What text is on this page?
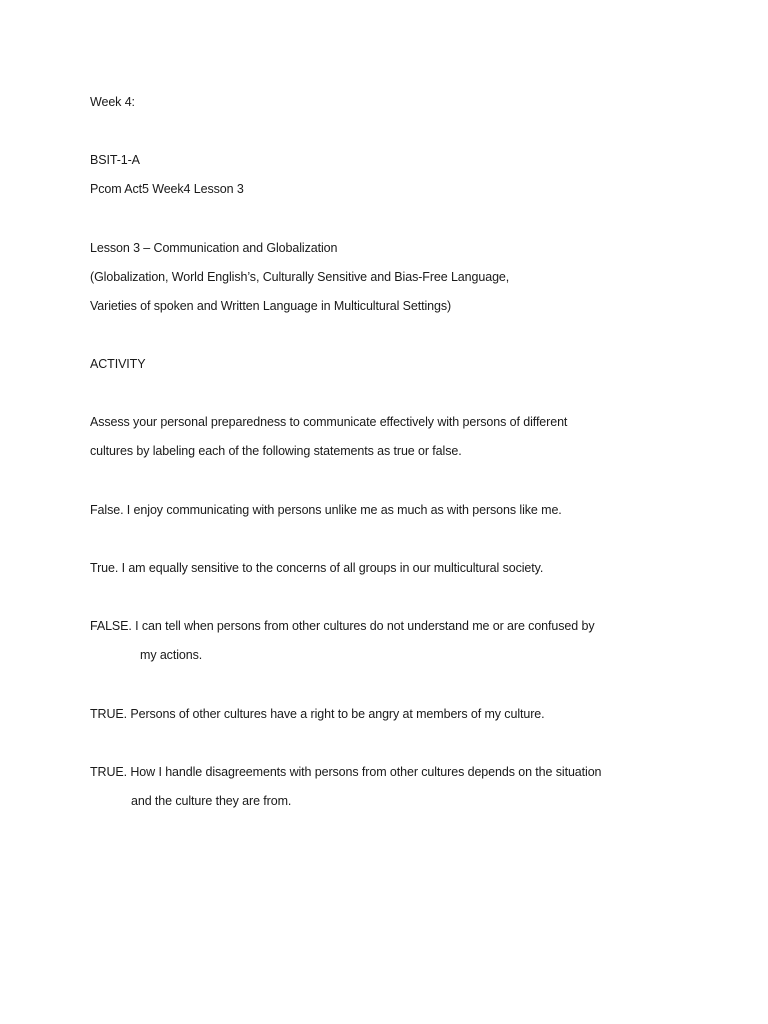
Week 4:
BSIT-1-A
Pcom Act5 Week4 Lesson 3
Lesson 3 – Communication and Globalization
(Globalization, World English’s, Culturally Sensitive and Bias-Free Language,
Varieties of spoken and Written Language in Multicultural Settings)
ACTIVITY
Assess your personal preparedness to communicate effectively with persons of different
cultures by labeling each of the following statements as true or false.
False. I enjoy communicating with persons unlike me as much as with persons like me.
True. I am equally sensitive to the concerns of all groups in our multicultural society.
FALSE. I can tell when persons from other cultures do not understand me or are confused by
my actions.
TRUE. Persons of other cultures have a right to be angry at members of my culture.
TRUE. How I handle disagreements with persons from other cultures depends on the situation
and the culture they are from.
